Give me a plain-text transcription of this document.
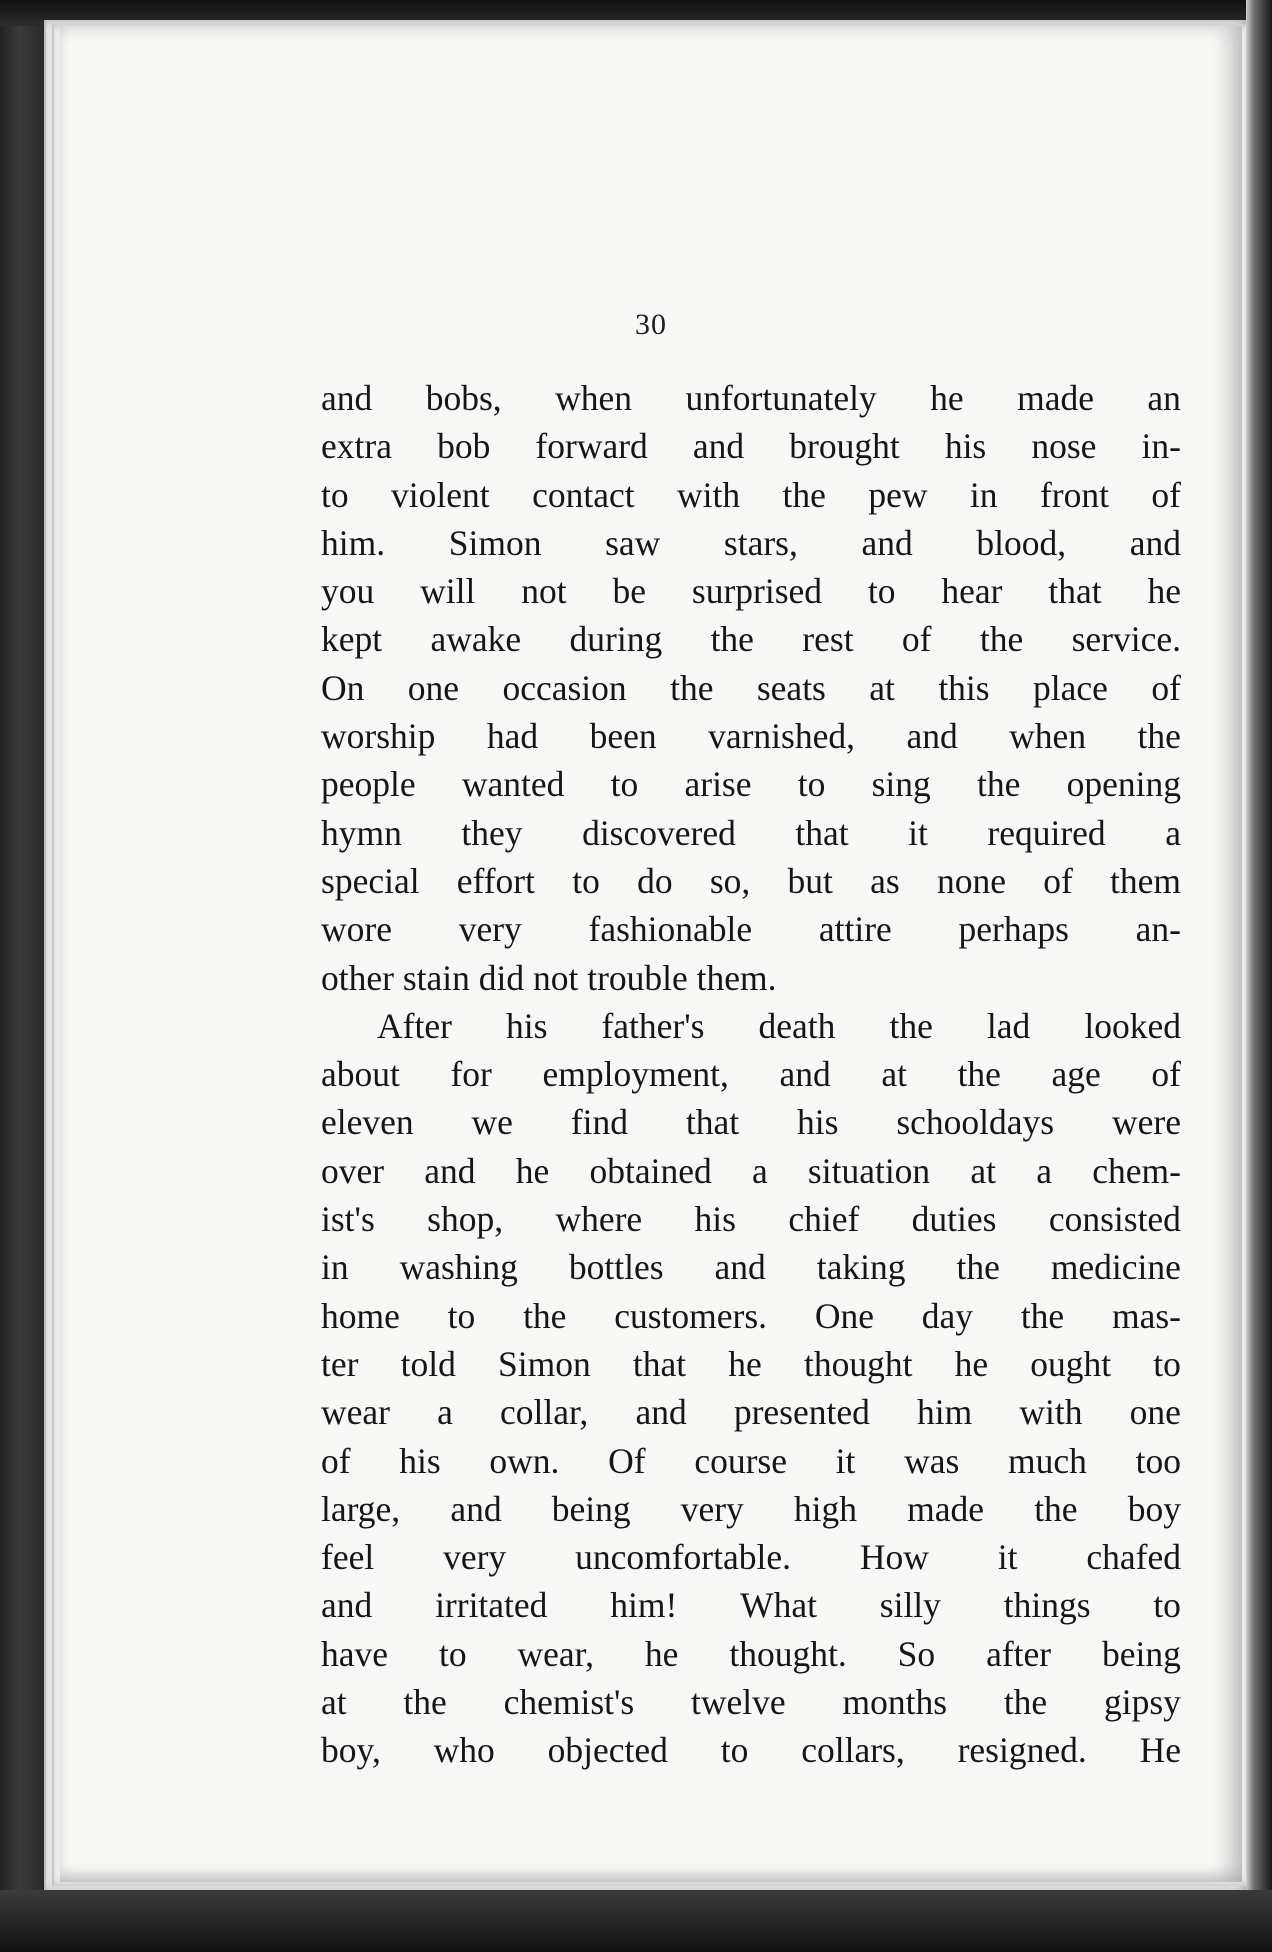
30
and bobs, when unfortunately he made an
extra bob forward and brought his nose in-
to violent contact with the pew in front of
him. Simon saw stars, and blood, and
you will not be surprised to hear that he
kept awake during the rest of the service.
On one occasion the seats at this place of
worship had been varnished, and when the
people wanted to arise to sing the opening
hymn they discovered that it required a
special effort to do so, but as none of them
wore very fashionable attire perhaps an-
other stain did not trouble them.
After his father's death the lad looked
about for employment, and at the age of
eleven we find that his schooldays were
over and he obtained a situation at a chem-
ist's shop, where his chief duties consisted
in washing bottles and taking the medicine
home to the customers. One day the mas-
ter told Simon that he thought he ought to
wear a collar, and presented him with one
of his own. Of course it was much too
large, and being very high made the boy
feel very uncomfortable. How it chafed
and irritated him! What silly things to
have to wear, he thought. So after being
at the chemist's twelve months the gipsy
boy, who objected to collars, resigned. He
